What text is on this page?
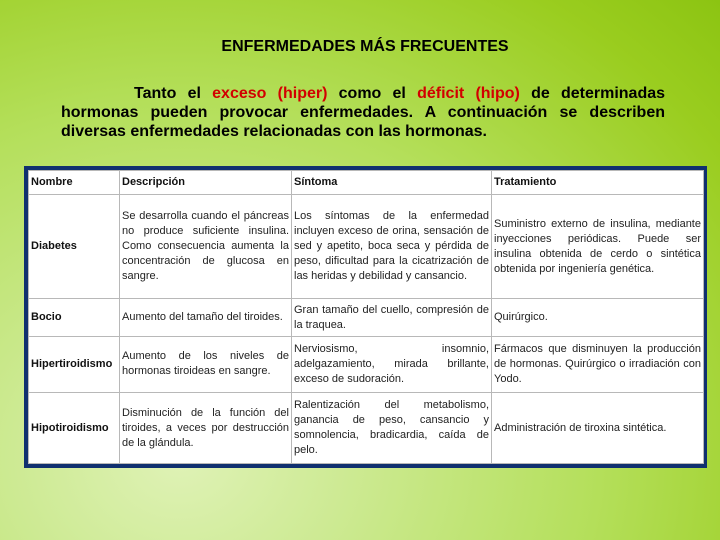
ENFERMEDADES MÁS FRECUENTES

Tanto el exceso (hiper) como el déficit (hipo) de determinadas hormonas pueden provocar enfermedades. A continuación se describen diversas enfermedades relacionadas con las hormonas.

Nombre	Descripción	Síntoma	Tratamiento
Diabetes	Se desarrolla cuando el páncreas no produce suficiente insulina. Como consecuencia aumenta la concentración de glucosa en sangre.	Los síntomas de la enfermedad incluyen exceso de orina, sensación de sed y apetito, boca seca y pérdida de peso, dificultad para la cicatrización de las heridas y debilidad y cansancio.	Suministro externo de insulina, mediante inyecciones periódicas. Puede ser insulina obtenida de cerdo o sintética obtenida por ingeniería genética.
Bocio	Aumento del tamaño del tiroides.	Gran tamaño del cuello, compresión de la traquea.	Quirúrgico.
Hipertiroidismo	Aumento de los niveles de hormonas tiroideas en sangre.	Nerviosismo, insomnio, adelgazamiento, mirada brillante, exceso de sudoración.	Fármacos que disminuyen la producción de hormonas. Quirúrgico o irradiación con Yodo.
Hipotiroidismo	Disminución de la función del tiroides, a veces por destrucción de la glándula.	Ralentización del metabolismo, ganancia de peso, cansancio y somnolencia, bradicardia, caída de pelo.	Administración de tiroxina sintética.
